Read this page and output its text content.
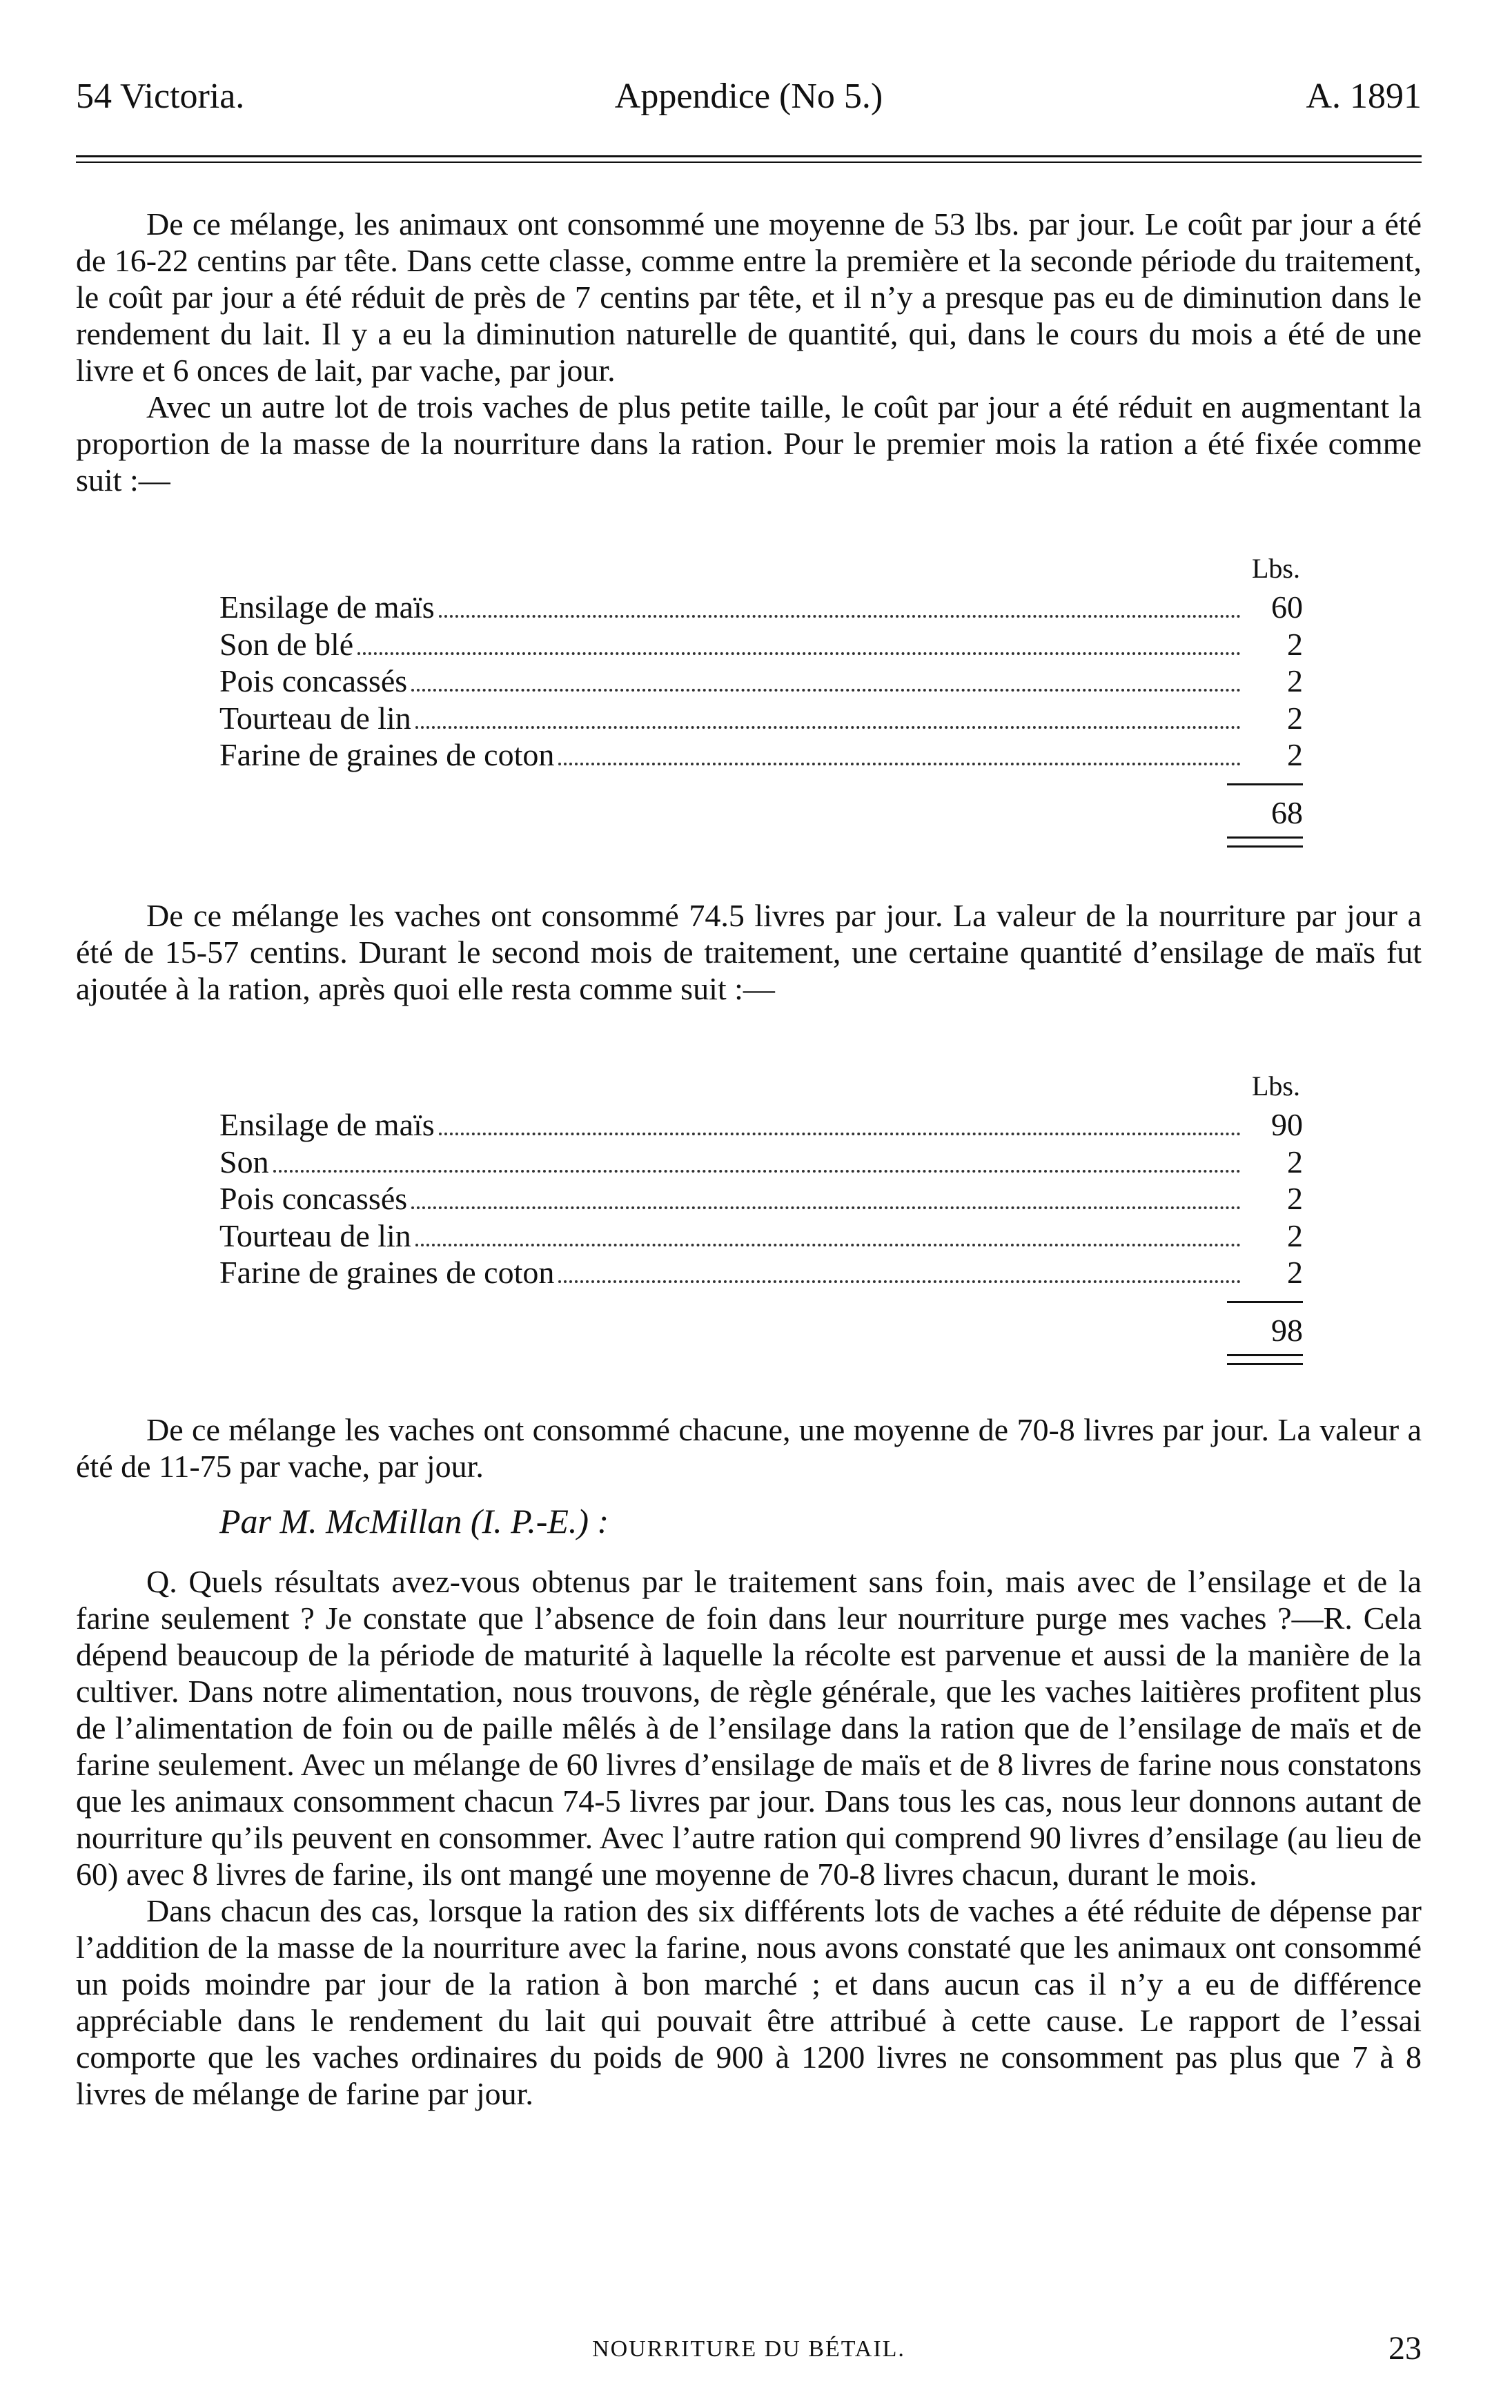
54 Victoria.	Appendice (No 5.)	A. 1891

De ce mélange, les animaux ont consommé une moyenne de 53 lbs. par jour. Le coût par jour a été de 16-22 centins par tête. Dans cette classe, comme entre la première et la seconde période du traitement, le coût par jour a été réduit de près de 7 centins par tête, et il n’y a presque pas eu de diminution dans le rendement du lait. Il y a eu la diminution naturelle de quantité, qui, dans le cours du mois a été de une livre et 6 onces de lait, par vache, par jour.

Avec un autre lot de trois vaches de plus petite taille, le coût par jour a été réduit en augmentant la proportion de la masse de la nourriture dans la ration. Pour le premier mois la ration a été fixée comme suit :—

Lbs.
Ensilage de maïs	60
Son de blé	2
Pois concassés	2
Tourteau de lin	2
Farine de graines de coton	2
68

De ce mélange les vaches ont consommé 74.5 livres par jour. La valeur de la nourriture par jour a été de 15-57 centins. Durant le second mois de traitement, une certaine quantité d’ensilage de maïs fut ajoutée à la ration, après quoi elle resta comme suit :—

Lbs.
Ensilage de maïs	90
Son	2
Pois concassés	2
Tourteau de lin	2
Farine de graines de coton	2
98

De ce mélange les vaches ont consommé chacune, une moyenne de 70-8 livres par jour. La valeur a été de 11-75 par vache, par jour.

Par M. McMillan (I. P.-E.) :

Q. Quels résultats avez-vous obtenus par le traitement sans foin, mais avec de l’ensilage et de la farine seulement ? Je constate que l’absence de foin dans leur nourriture purge mes vaches ?—R. Cela dépend beaucoup de la période de maturité à laquelle la récolte est parvenue et aussi de la manière de la cultiver. Dans notre alimentation, nous trouvons, de règle générale, que les vaches laitières profitent plus de l’alimentation de foin ou de paille mêlés à de l’ensilage dans la ration que de l’ensilage de maïs et de farine seulement. Avec un mélange de 60 livres d’ensilage de maïs et de 8 livres de farine nous constatons que les animaux consomment chacun 74-5 livres par jour. Dans tous les cas, nous leur donnons autant de nourriture qu’ils peuvent en consommer. Avec l’autre ration qui comprend 90 livres d’ensilage (au lieu de 60) avec 8 livres de farine, ils ont mangé une moyenne de 70-8 livres chacun, durant le mois.

Dans chacun des cas, lorsque la ration des six différents lots de vaches a été réduite de dépense par l’addition de la masse de la nourriture avec la farine, nous avons constaté que les animaux ont consommé un poids moindre par jour de la ration à bon marché ; et dans aucun cas il n’y a eu de différence appréciable dans le rendement du lait qui pouvait être attribué à cette cause. Le rapport de l’essai comporte que les vaches ordinaires du poids de 900 à 1200 livres ne consomment pas plus que 7 à 8 livres de mélange de farine par jour.

NOURRITURE DU BÉTAIL.	23
